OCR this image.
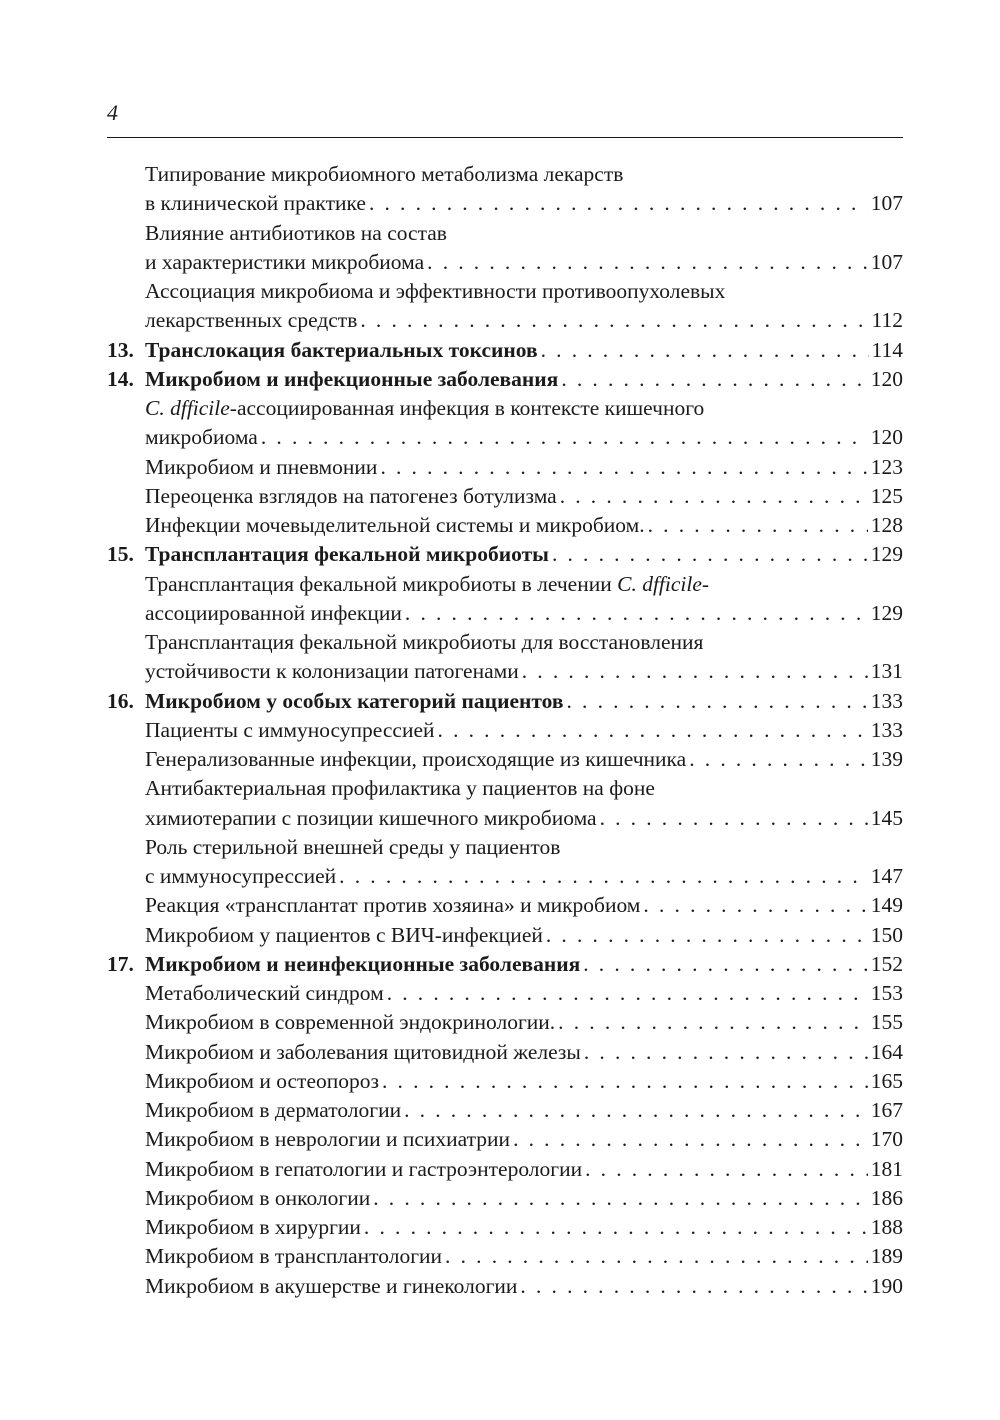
4
Типирование микробиомного метаболизма лекарств
в клинической практике . . .	107
Влияние антибиотиков на состав
и характеристики микробиома . . .	107
Ассоциация микробиома и эффективности противоопухолевых
лекарственных средств . . .	112
13. Транслокация бактериальных токсинов . . .	114
14. Микробиом и инфекционные заболевания . . .	120
C. dfficile-ассоциированная инфекция в контексте кишечного
микробиома . . .	120
Микробиом и пневмонии . . .	123
Переоценка взглядов на патогенез ботулизма . . .	125
Инфекции мочевыделительной системы и микробиом. . . .	128
15. Трансплантация фекальной микробиоты . . .	129
Трансплантация фекальной микробиоты в лечении C. dfficile-
ассоциированной инфекции . . .	129
Трансплантация фекальной микробиоты для восстановления
устойчивости к колонизации патогенами . . .	131
16. Микробиом у особых категорий пациентов . . .	133
Пациенты с иммуносупрессией . . .	133
Генерализованные инфекции, происходящие из кишечника . . .	139
Антибактериальная профилактика у пациентов на фоне
химиотерапии с позиции кишечного микробиома . . .	145
Роль стерильной внешней среды у пациентов
с иммуносупрессией . . .	147
Реакция «трансплантат против хозяина» и микробиом . . .	149
Микробиом у пациентов с ВИЧ-инфекцией . . .	150
17. Микробиом и неинфекционные заболевания . . .	152
Метаболический синдром . . .	153
Микробиом в современной эндокринологии. . . .	155
Микробиом и заболевания щитовидной железы . . .	164
Микробиом и остеопороз . . .	165
Микробиом в дерматологии . . .	167
Микробиом в неврологии и психиатрии . . .	170
Микробиом в гепатологии и гастроэнтерологии . . .	181
Микробиом в онкологии . . .	186
Микробиом в хирургии . . .	188
Микробиом в трансплантологии . . .	189
Микробиом в акушерстве и гинекологии . . .	190
